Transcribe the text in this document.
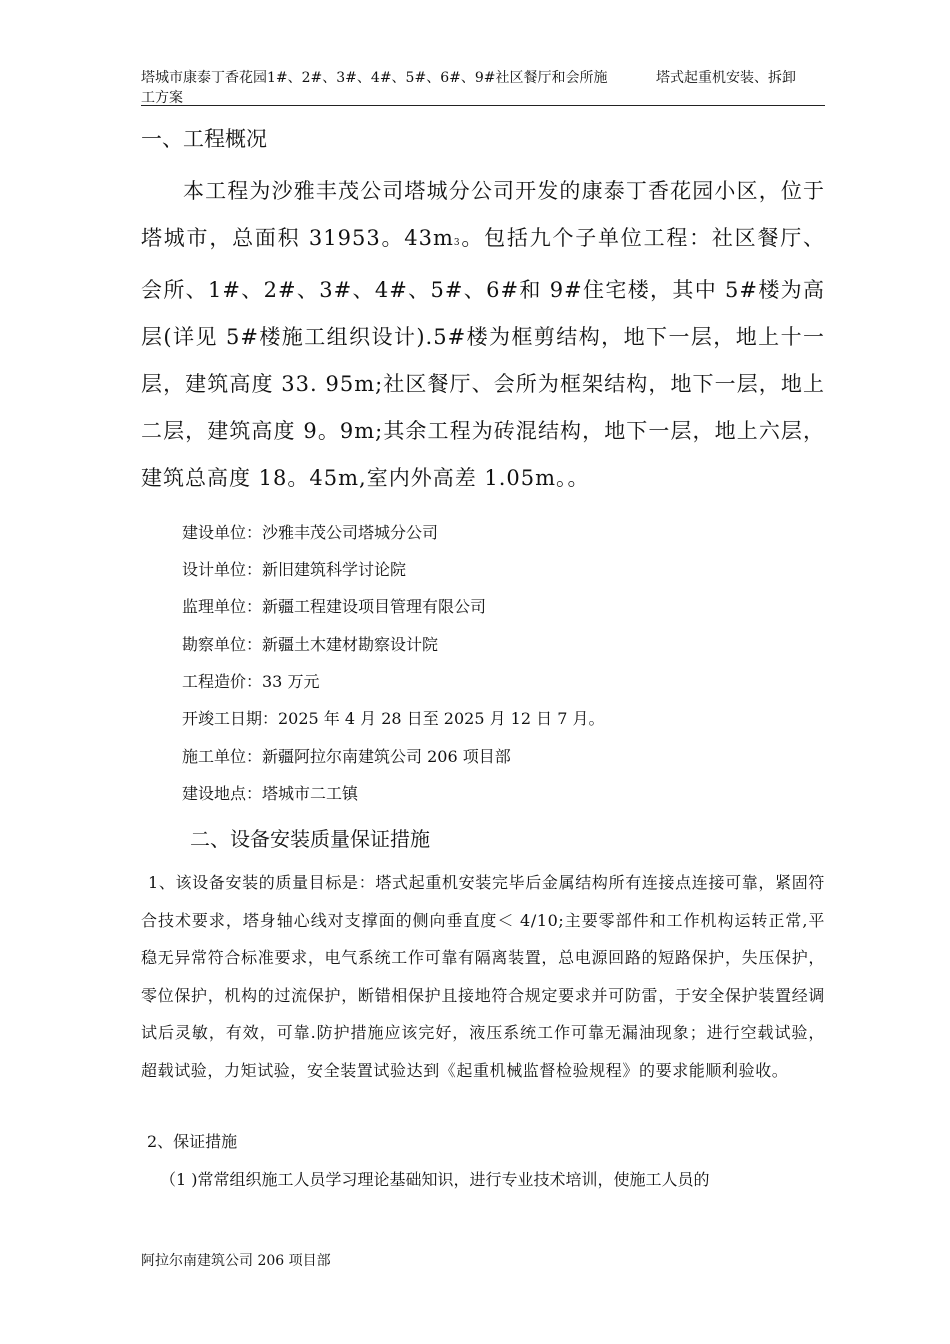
塔城市康泰丁香花园1#、2#、3#、4#、5#、6#、9#社区餐厅和会所施工方案
塔式起重机安装、拆卸
一、工程概况
本工程为沙雅丰茂公司塔城分公司开发的康泰丁香花园小区，位于塔城市，总面积 31953。43m3。包括九个子单位工程：社区餐厅、会所、1#、2#、3#、4#、5#、6#和 9#住宅楼，其中 5#楼为高层(详见 5#楼施工组织设计).5#楼为框剪结构，地下一层，地上十一层，建筑高度 33. 95m;社区餐厅、会所为框架结构，地下一层，地上二层，建筑高度 9。9m;其余工程为砖混结构，地下一层，地上六层，建筑总高度 18。45m,室内外高差 1.05m。。
建设单位：沙雅丰茂公司塔城分公司
设计单位：新旧建筑科学讨论院
监理单位：新疆工程建设项目管理有限公司
勘察单位：新疆土木建材勘察设计院
工程造价：33 万元
开竣工日期：2025 年 4 月 28 日至 2025 月 12 日 7 月。
施工单位：新疆阿拉尔南建筑公司 206 项目部
建设地点：塔城市二工镇
二、设备安装质量保证措施
1、该设备安装的质量目标是：塔式起重机安装完毕后金属结构所有连接点连接可靠，紧固符合技术要求，塔身轴心线对支撑面的侧向垂直度＜ 4/10;主要零部件和工作机构运转正常,平稳无异常符合标准要求，电气系统工作可靠有隔离装置，总电源回路的短路保护，失压保护，零位保护，机构的过流保护，断错相保护且接地符合规定要求并可防雷，于安全保护装置经调试后灵敏，有效，可靠.防护措施应该完好，液压系统工作可靠无漏油现象；进行空载试验，超载试验，力矩试验，安全装置试验达到《起重机械监督检验规程》的要求能顺利验收。
2、保证措施
（1 )常常组织施工人员学习理论基础知识，进行专业技术培训，使施工人员的
阿拉尔南建筑公司 206 项目部
